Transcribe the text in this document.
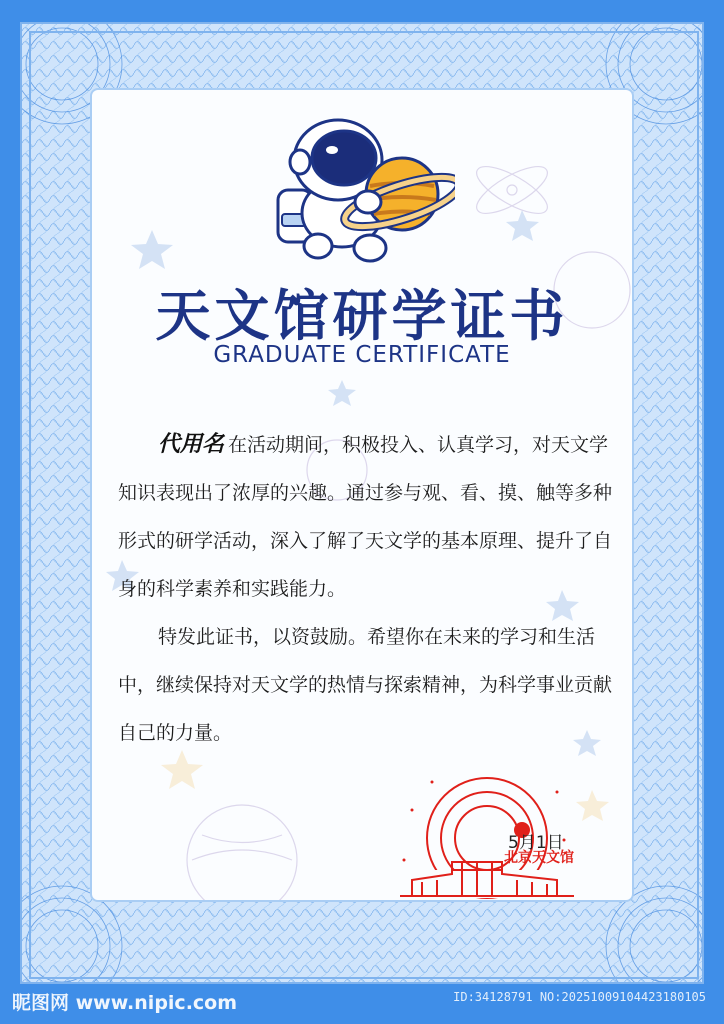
天文馆研学证书
GRADUATE CERTIFICATE

代用名 在活动期间，积极投入、认真学习，对天文学知识表现出了浓厚的兴趣。通过参与观、看、摸、触等多种形式的研学活动，深入了解了天文学的基本原理、提升了自身的科学素养和实践能力。

特发此证书，以资鼓励。希望你在未来的学习和生活中，继续保持对天文学的热情与探索精神，为科学事业贡献自己的力量。

北京天文馆
5月1日
昵图网 www.nipic.com	ID:34128791 NO:20251009104423180105
